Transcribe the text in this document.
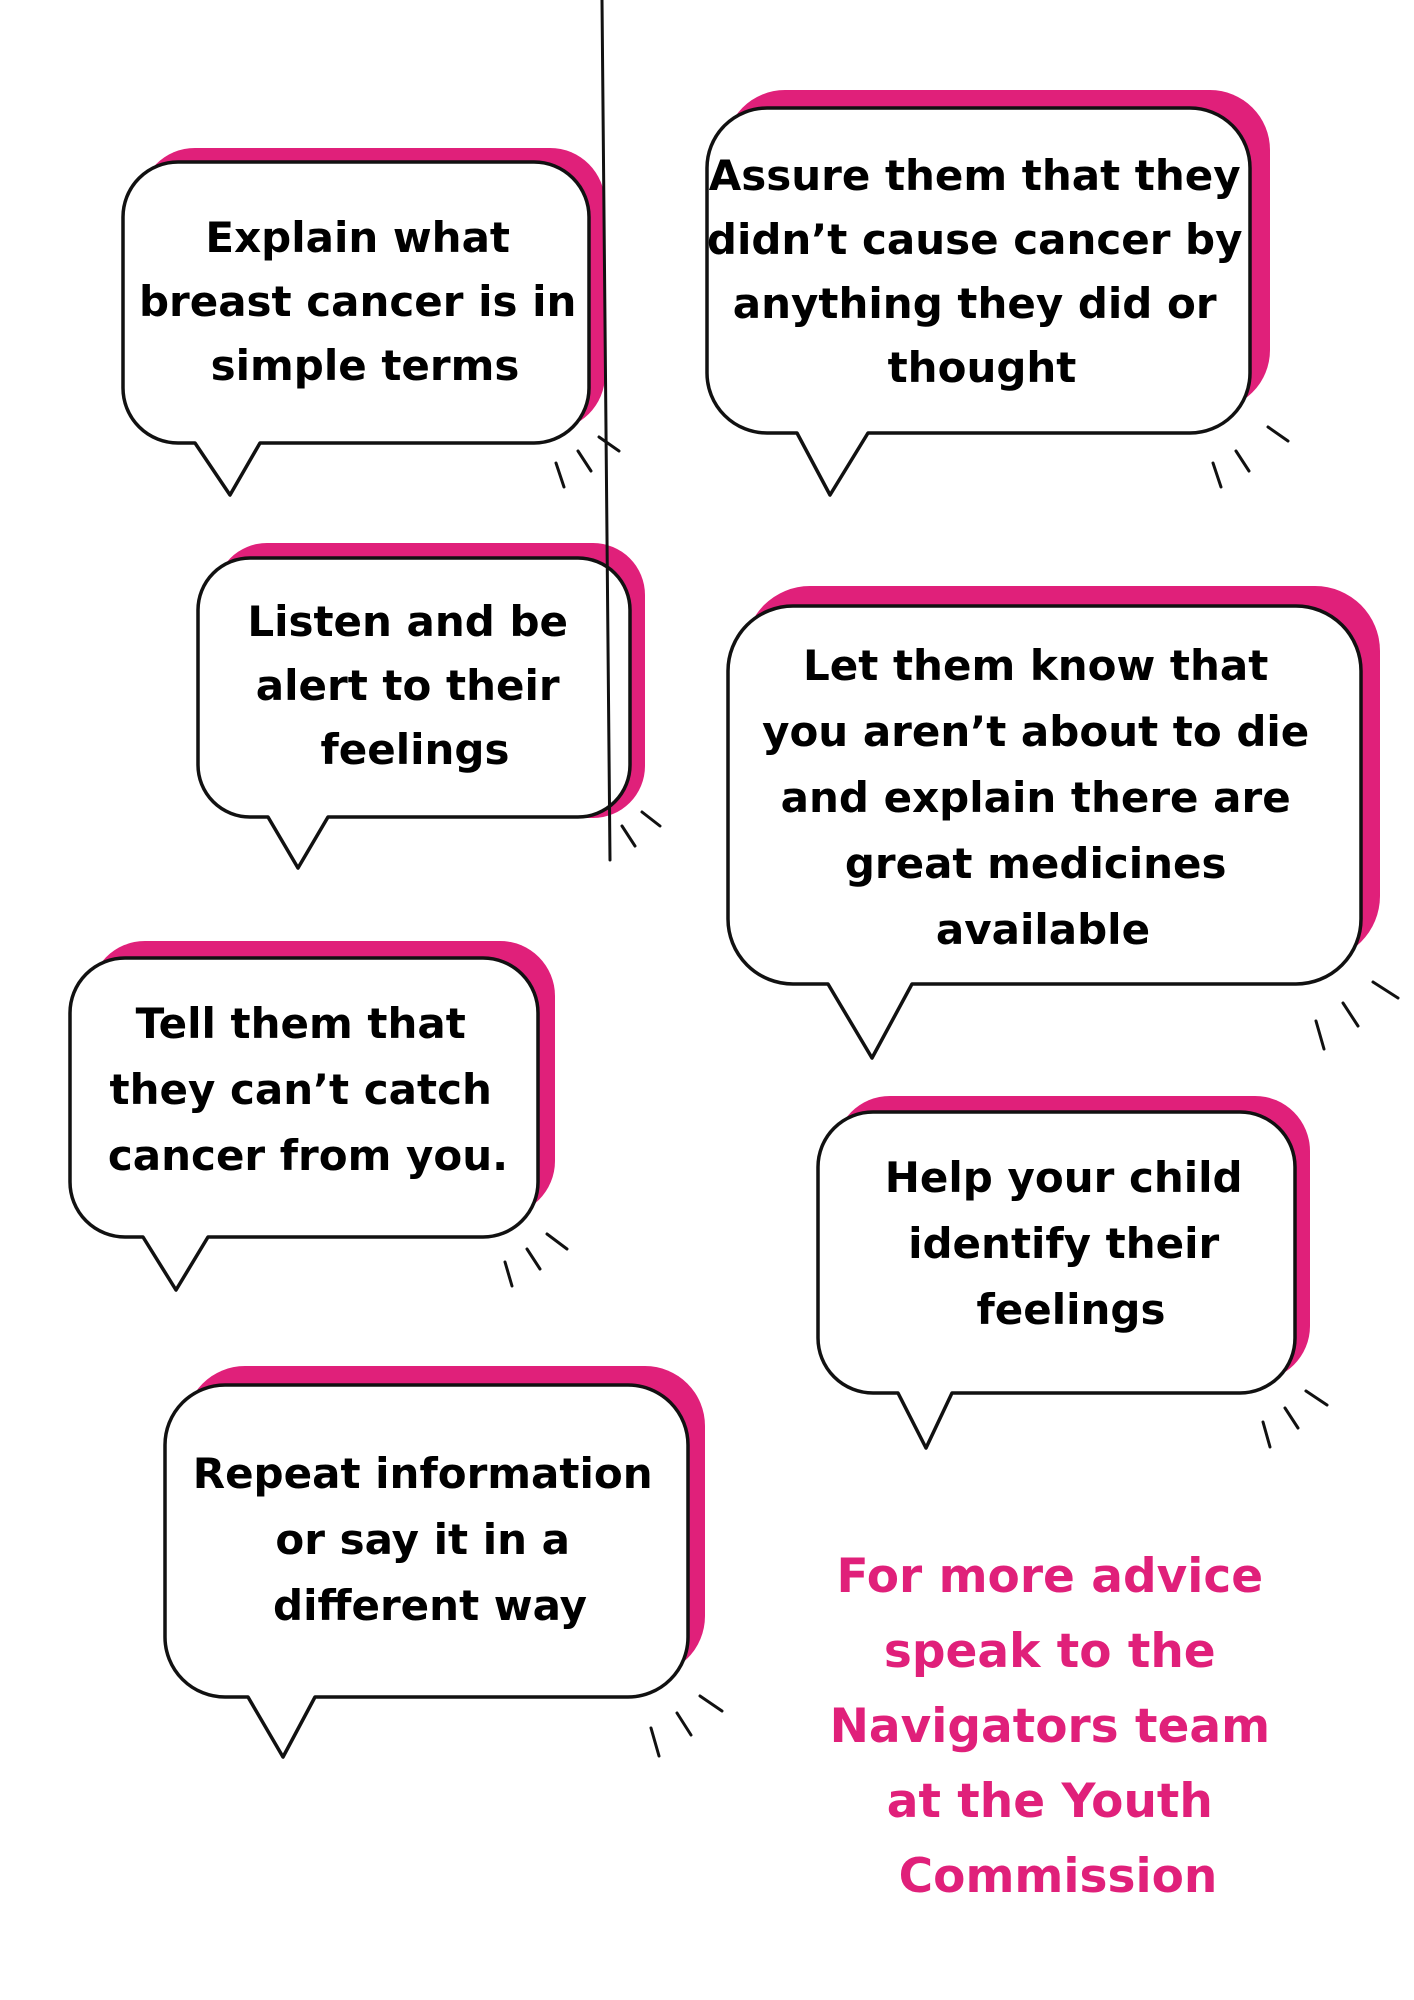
Explain what breast cancer is in simple terms
Assure them that they didn’t cause cancer by anything they did or thought
Listen and be alert to their feelings
Let them know that you aren’t about to die and explain there are great medicines available
Tell them that they can’t catch cancer from you.	Help your child identify their feelings
Repeat information or say it in a different way
For more advice speak to the Navigators team at the Youth Commission
